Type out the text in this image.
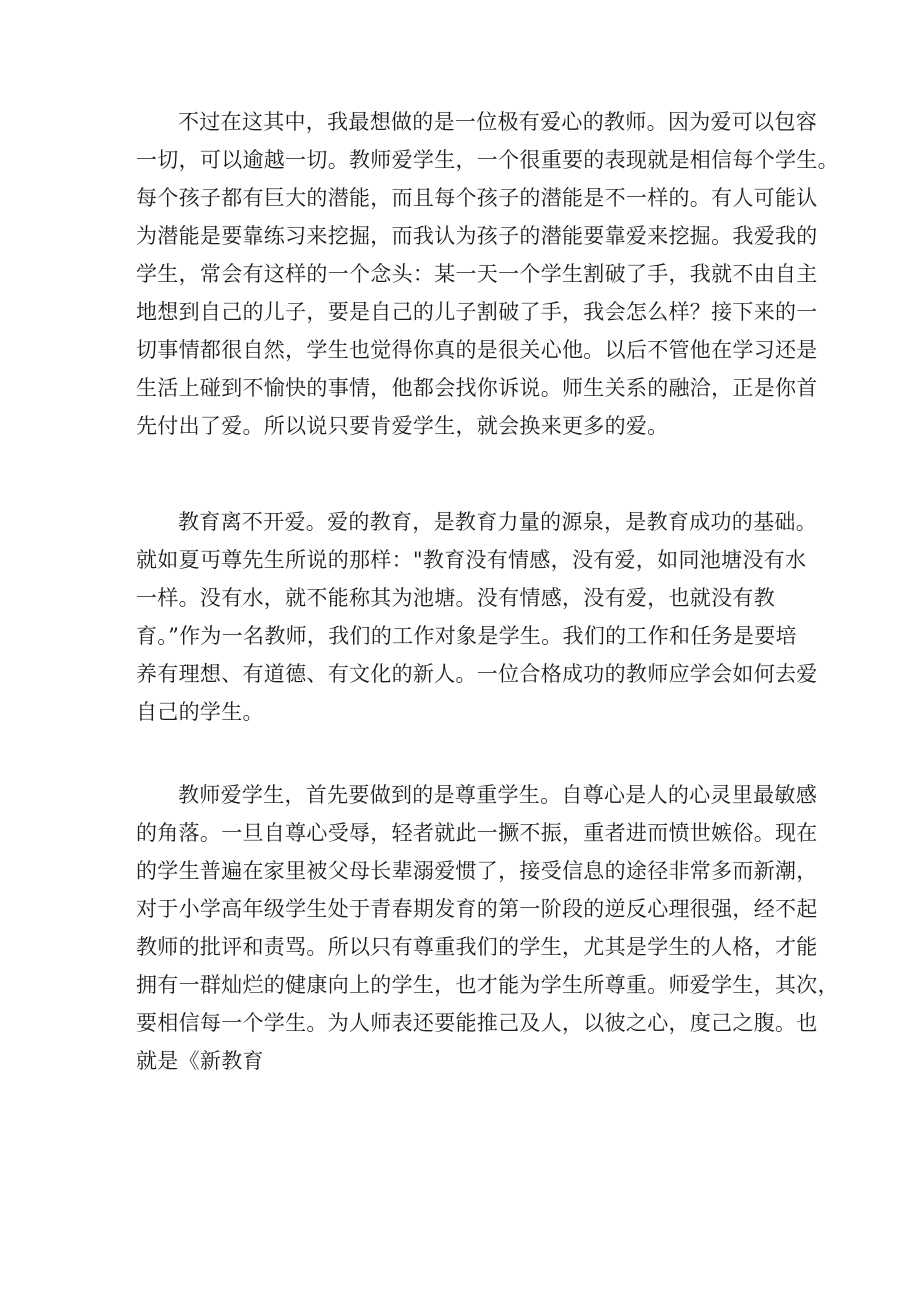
不过在这其中，我最想做的是一位极有爱心的教师。因为爱可以包容
一切，可以逾越一切。教师爱学生，一个很重要的表现就是相信每个学生。
每个孩子都有巨大的潜能，而且每个孩子的潜能是不一样的。有人可能认
为潜能是要靠练习来挖掘，而我认为孩子的潜能要靠爱来挖掘。我爱我的
学生，常会有这样的一个念头：某一天一个学生割破了手，我就不由自主
地想到自己的儿子，要是自己的儿子割破了手，我会怎么样？接下来的一
切事情都很自然，学生也觉得你真的是很关心他。以后不管他在学习还是
生活上碰到不愉快的事情，他都会找你诉说。师生关系的融洽，正是你首
先付出了爱。所以说只要肯爱学生，就会换来更多的爱。
教育离不开爱。爱的教育，是教育力量的源泉，是教育成功的基础。
就如夏丏尊先生所说的那样："教育没有情感，没有爱，如同池塘没有水
一样。没有水，就不能称其为池塘。没有情感，没有爱，也就没有教
育。”作为一名教师，我们的工作对象是学生。我们的工作和任务是要培
养有理想、有道德、有文化的新人。一位合格成功的教师应学会如何去爱
自己的学生。
教师爱学生，首先要做到的是尊重学生。自尊心是人的心灵里最敏感
的角落。一旦自尊心受辱，轻者就此一撅不振，重者进而愤世嫉俗。现在
的学生普遍在家里被父母长辈溺爱惯了，接受信息的途径非常多而新潮，
对于小学高年级学生处于青春期发育的第一阶段的逆反心理很强，经不起
教师的批评和责骂。所以只有尊重我们的学生，尤其是学生的人格，才能
拥有一群灿烂的健康向上的学生，也才能为学生所尊重。师爱学生，其次，
要相信每一个学生。为人师表还要能推己及人，以彼之心，度己之腹。也
就是《新教育
